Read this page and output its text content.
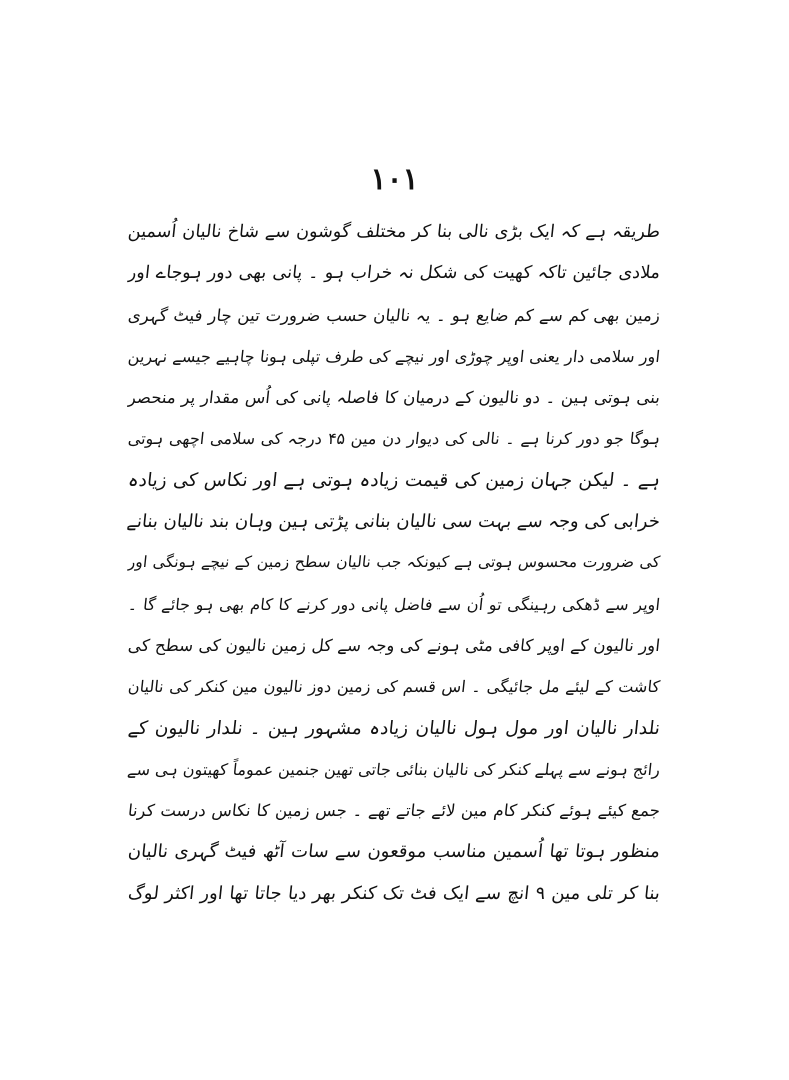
۱۰۱
طریقہ ہے کہ ایک بڑی نالی بنا کر مختلف گوشون سے شاخ نالیان اُسمین
ملادی جائین تاکہ کھیت کی شکل نہ خراب ہو ۔ پانی بھی دور ہوجاے اور
زمین بھی کم سے کم ضایع ہو ۔ یہ نالیان حسب ضرورت تین چار فیٹ گہری
اور سلامی دار یعنی اوپر چوڑی اور نیچے کی طرف تپلی ہونا چاہیے جیسے نہرین
بنی ہوتی ہین ۔ دو نالیون کے درمیان کا فاصلہ پانی کی اُس مقدار پر منحصر
ہوگا جو دور کرنا ہے ۔ نالی کی دیوار دن مین ۴۵ درجہ کی سلامی اچھی ہوتی
ہے ۔ لیکن جہان زمین کی قیمت زیادہ ہوتی ہے اور نکاس کی زیادہ
خرابی کی وجہ سے بہت سی نالیان بنانی پڑتی ہین وہان بند نالیان بنانے
کی ضرورت محسوس ہوتی ہے کیونکہ جب نالیان سطح زمین کے نیچے ہونگی اور
اوپر سے ڈھکی رہینگی تو اُن سے فاضل پانی دور کرنے کا کام بھی ہو جائے گا ۔
اور نالیون کے اوپر کافی مٹی ہونے کی وجہ سے کل زمین نالیون کی سطح کی
کاشت کے لیئے مل جائیگی ۔ اس قسم کی زمین دوز نالیون مین کنکر کی نالیان
نلدار نالیان اور مول ہول نالیان زیادہ مشہور ہین ۔ نلدار نالیون کے
رائج ہونے سے پہلے کنکر کی نالیان بنائی جاتی تھین جنمین عموماً کھیتون ہی سے
جمع کیئے ہوئے کنکر کام مین لائے جاتے تھے ۔ جس زمین کا نکاس درست کرنا
منظور ہوتا تھا اُسمین مناسب موقعون سے سات آٹھ فیٹ گہری نالیان
بنا کر تلی مین ۹ انچ سے ایک فٹ تک کنکر بھر دیا جاتا تھا اور اکثر لوگ
